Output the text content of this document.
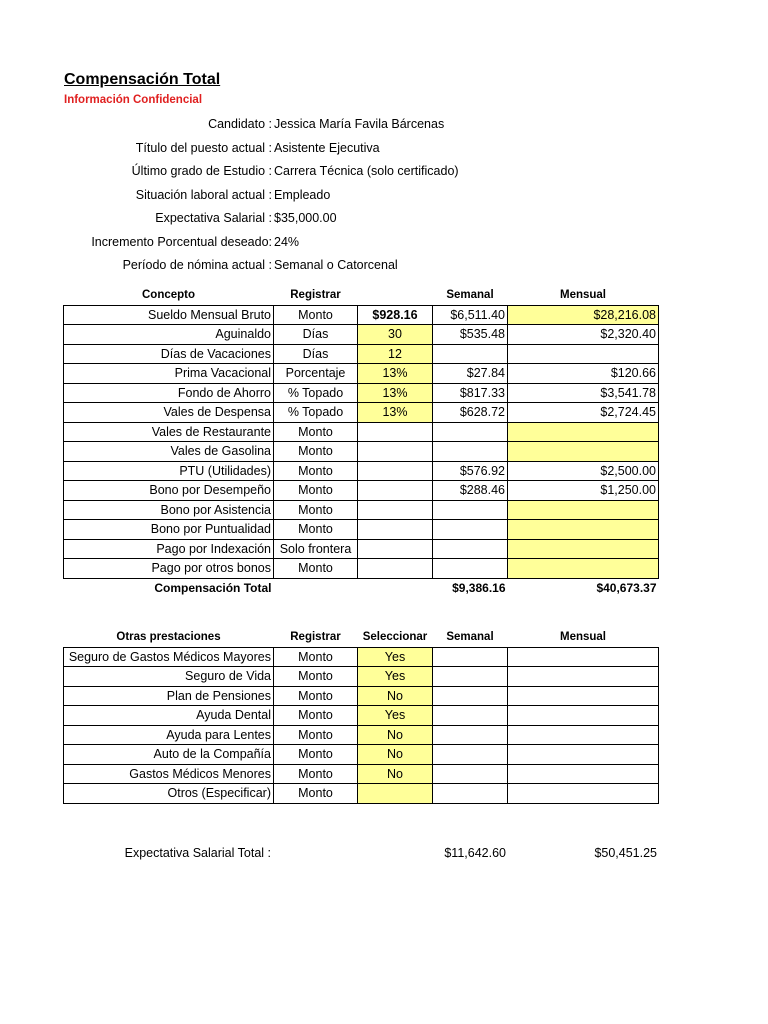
Compensación Total
Información Confidencial
Candidato : Jessica María Favila Bárcenas
Título del puesto actual : Asistente Ejecutiva
Último grado de Estudio : Carrera Técnica (solo certificado)
Situación laboral actual : Empleado
Expectativa Salarial : $35,000.00
Incremento Porcentual deseado: 24%
Período de nómina actual : Semanal o Catorcenal
Concepto	Registrar		Semanal	Mensual
Sueldo Mensual Bruto	Monto	$928.16	$6,511.40	$28,216.08
Aguinaldo	Días	30	$535.48	$2,320.40
Días de Vacaciones	Días	12		
Prima Vacacional	Porcentaje	13%	$27.84	$120.66
Fondo de Ahorro	% Topado	13%	$817.33	$3,541.78
Vales de Despensa	% Topado	13%	$628.72	$2,724.45
Vales de Restaurante	Monto			
Vales de Gasolina	Monto			
PTU (Utilidades)	Monto		$576.92	$2,500.00
Bono por Desempeño	Monto		$288.46	$1,250.00
Bono por Asistencia	Monto			
Bono por Puntualidad	Monto			
Pago por Indexación	Solo frontera			
Pago por otros bonos	Monto			
Compensación Total			$9,386.16	$40,673.37
Otras prestaciones	Registrar	Seleccionar	Semanal	Mensual
Seguro de Gastos Médicos Mayores	Monto	Yes		
Seguro de Vida	Monto	Yes		
Plan de Pensiones	Monto	No		
Ayuda Dental	Monto	Yes		
Ayuda para Lentes	Monto	No		
Auto de la Compañía	Monto	No		
Gastos Médicos Menores	Monto	No		
Otros (Especificar)	Monto			
Expectativa Salarial Total :	$11,642.60	$50,451.25
